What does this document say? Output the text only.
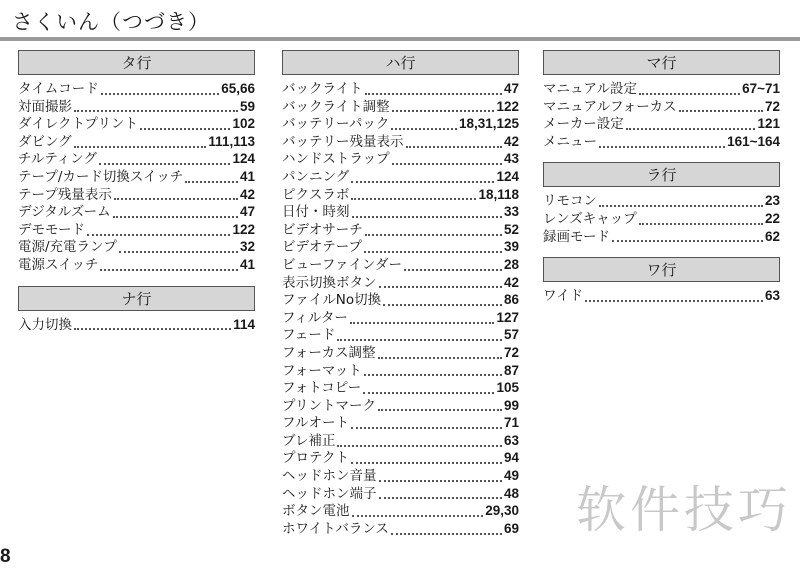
さくいん（つづき）
タ行
タイムコード	65,66
対面撮影	59
ダイレクトプリント	102
ダビング	111,113
チルティング	124
テープ/カード切換スイッチ	41
テープ残量表示	42
デジタルズーム	47
デモモード	122
電源/充電ランプ	32
電源スイッチ	41
ナ行
入力切換	114
ハ行
バックライト	47
バックライト調整	122
バッテリーパック	18,31,125
バッテリー残量表示	42
ハンドストラップ	43
パンニング	124
ピクスラボ	18,118
日付・時刻	33
ビデオサーチ	52
ビデオテープ	39
ビューファインダー	28
表示切換ボタン	42
ファイルNo切換	86
フィルター	127
フェード	57
フォーカス調整	72
フォーマット	87
フォトコピー	105
プリントマーク	99
フルオート	71
ブレ補正	63
プロテクト	94
ヘッドホン音量	49
ヘッドホン端子	48
ボタン電池	29,30
ホワイトバランス	69
マ行
マニュアル設定	67~71
マニュアルフォーカス	72
メーカー設定	121
メニュー	161~164
ラ行
リモコン	23
レンズキャップ	22
録画モード	62
ワ行
ワイド	63
软件技巧
8
